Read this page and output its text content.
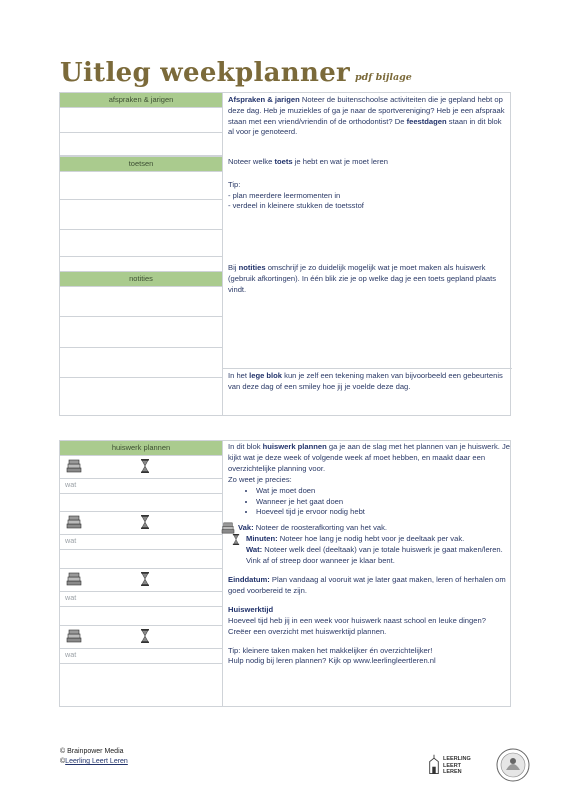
Uitleg weekplanner pdf bijlage
afspraken & jarigen
toetsen
notities
Afspraken & jarigen Noteer de buitenschoolse activiteiten die je gepland hebt op deze dag. Heb je muziekles of ga je naar de sportvereniging? Heb je een afspraak staan met een vriend/vriendin of de orthodontist? De feestdagen staan in dit blok al voor je genoteerd.
Noteer welke toets je hebt en wat je moet leren
Tip:
- plan meerdere leermomenten in
- verdeel in kleinere stukken de toetsstof
Bij notities omschrijf je zo duidelijk mogelijk wat je moet maken als huiswerk (gebruik afkortingen). In één blik zie je op welke dag je een toets gepland plaats vindt.
In het lege blok kun je zelf een tekening maken van bijvoorbeeld een gebeurtenis van deze dag of een smiley hoe jij je voelde deze dag.
huiswerk plannen
wat
wat
wat
wat
In dit blok huiswerk plannen ga je aan de slag met het plannen van je huiswerk. Je kijkt wat je deze week of volgende week af moet hebben, en maakt daar een overzichtelijke planning voor.
Zo weet je precies:
• Wat je moet doen
• Wanneer je het gaat doen
• Hoeveel tijd je ervoor nodig hebt
Vak: Noteer de roosterafkorting van het vak.
Minuten: Noteer hoe lang je nodig hebt voor je deeltaak per vak.
Wat: Noteer welk deel (deeltaak) van je totale huiswerk je gaat maken/leren. Vink af of streep door wanneer je klaar bent.
Einddatum: Plan vandaag al vooruit wat je later gaat maken, leren of herhalen om goed voorbereid te zijn.
Huiswerktijd
Hoeveel tijd heb jij in een week voor huiswerk naast school en leuke dingen? Creëer een overzicht met huiswerktijd plannen.
Tip: kleinere taken maken het makkelijker én overzichtelijker!
Hulp nodig bij leren plannen? Kijk op www.leerlingleertleren.nl
© Brainpower Media
©Leerling Leert Leren	LEERLING
LEERT
LEREN
